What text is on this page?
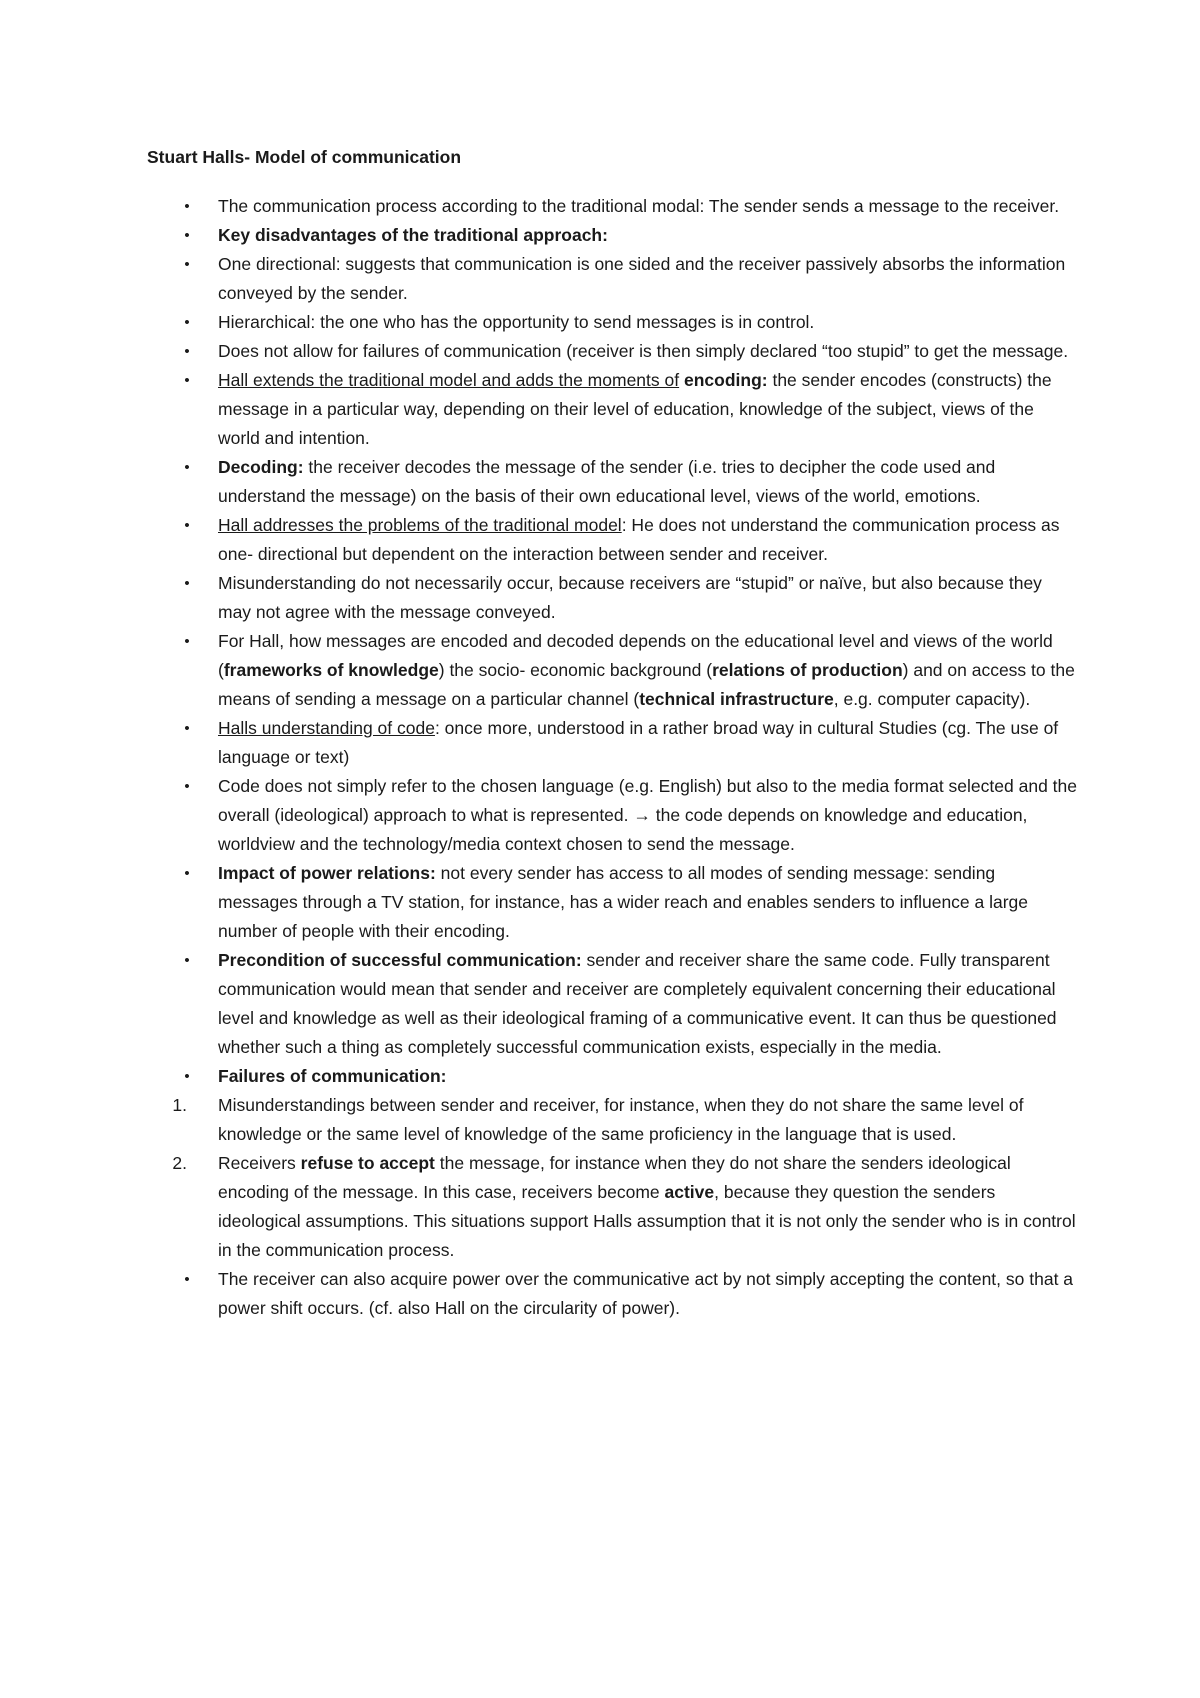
Stuart Halls- Model of communication
•	The communication process according to the traditional modal: The sender sends a message to the receiver.
•	Key disadvantages of the traditional approach:
•	One directional: suggests that communication is one sided and the receiver passively absorbs the information conveyed by the sender.
•	Hierarchical: the one who has the opportunity to send messages is in control.
•	Does not allow for failures of communication (receiver is then simply declared “too stupid” to get the message.
•	Hall extends the traditional model and adds the moments of encoding: the sender encodes (constructs) the message in a particular way, depending on their level of education, knowledge of the subject, views of the world and intention.
•	Decoding: the receiver decodes the message of the sender (i.e. tries to decipher the code used and understand the message) on the basis of their own educational level, views of the world, emotions.
•	Hall addresses the problems of the traditional model: He does not understand the communication process as one- directional but dependent on the interaction between sender and receiver.
•	Misunderstanding do not necessarily occur, because receivers are “stupid” or naïve, but also because they may not agree with the message conveyed.
•	For Hall, how messages are encoded and decoded depends on the educational level and views of the world (frameworks of knowledge) the socio- economic background (relations of production) and on access to the means of sending a message on a particular channel (technical infrastructure, e.g. computer capacity).
•	Halls understanding of code: once more, understood in a rather broad way in cultural Studies (cg. The use of language or text)
•	Code does not simply refer to the chosen language (e.g. English) but also to the media format selected and the overall (ideological) approach to what is represented. → the code depends on knowledge and education, worldview and the technology/media context chosen to send the message.
•	Impact of power relations: not every sender has access to all modes of sending message: sending messages through a TV station, for instance, has a wider reach and enables senders to influence a large number of people with their encoding.
•	Precondition of successful communication: sender and receiver share the same code. Fully transparent communication would mean that sender and receiver are completely equivalent concerning their educational level and knowledge as well as their ideological framing of a communicative event. It can thus be questioned whether such a thing as completely successful communication exists, especially in the media.
•	Failures of communication:
1. Misunderstandings between sender and receiver, for instance, when they do not share the same level of knowledge or the same level of knowledge of the same proficiency in the language that is used.
2. Receivers refuse to accept the message, for instance when they do not share the senders ideological encoding of the message. In this case, receivers become active, because they question the senders ideological assumptions. This situations support Halls assumption that it is not only the sender who is in control in the communication process.
•	The receiver can also acquire power over the communicative act by not simply accepting the content, so that a power shift occurs. (cf. also Hall on the circularity of power).
